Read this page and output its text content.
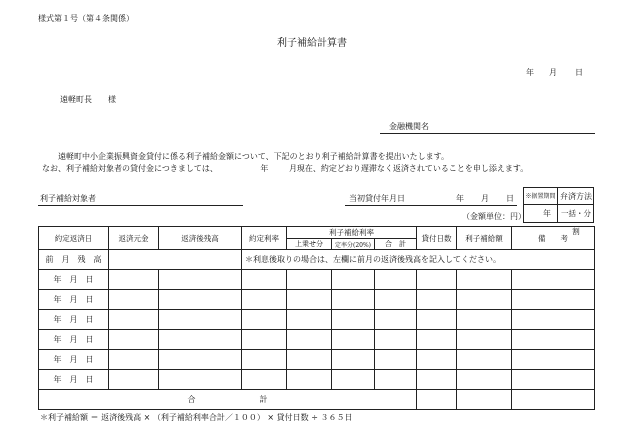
様式第１号（第４条関係）
利子補給計算書
年 月 日
遠軽町長　　様
金融機関名
遠軽町中小企業振興資金貸付に係る利子補給金額について、下記のとおり利子補給計算書を提出いたします。
なお、利子補給対象者の貸付金につきましては、	年	月現在、約定どおり遅滞なく返済されていることを申し添えます。
利子補給対象者	当初貸付年月日	年 月 日
（金額単位：円）
※据置期間 弁済方法
年	一括・分割
約定返済日	返済元金	返済後残高	約定利率	利子補給利率			貸付日数	利子補給額	備　　考
				上乗せ分	定率分(20%)	合　計			
前　月　残　高			＊利息後取りの場合は、左欄に前月の返済後残高を記入してください。						
年　月　日									
年　月　日									
年　月　日									
年　月　日									
年　月　日									
年　月　日									
合　　　　　　　　計									
＊利子補給額 ＝ 返済後残高 × （利子補給利率合計／１００） × 貸付日数 ÷ ３６５日
